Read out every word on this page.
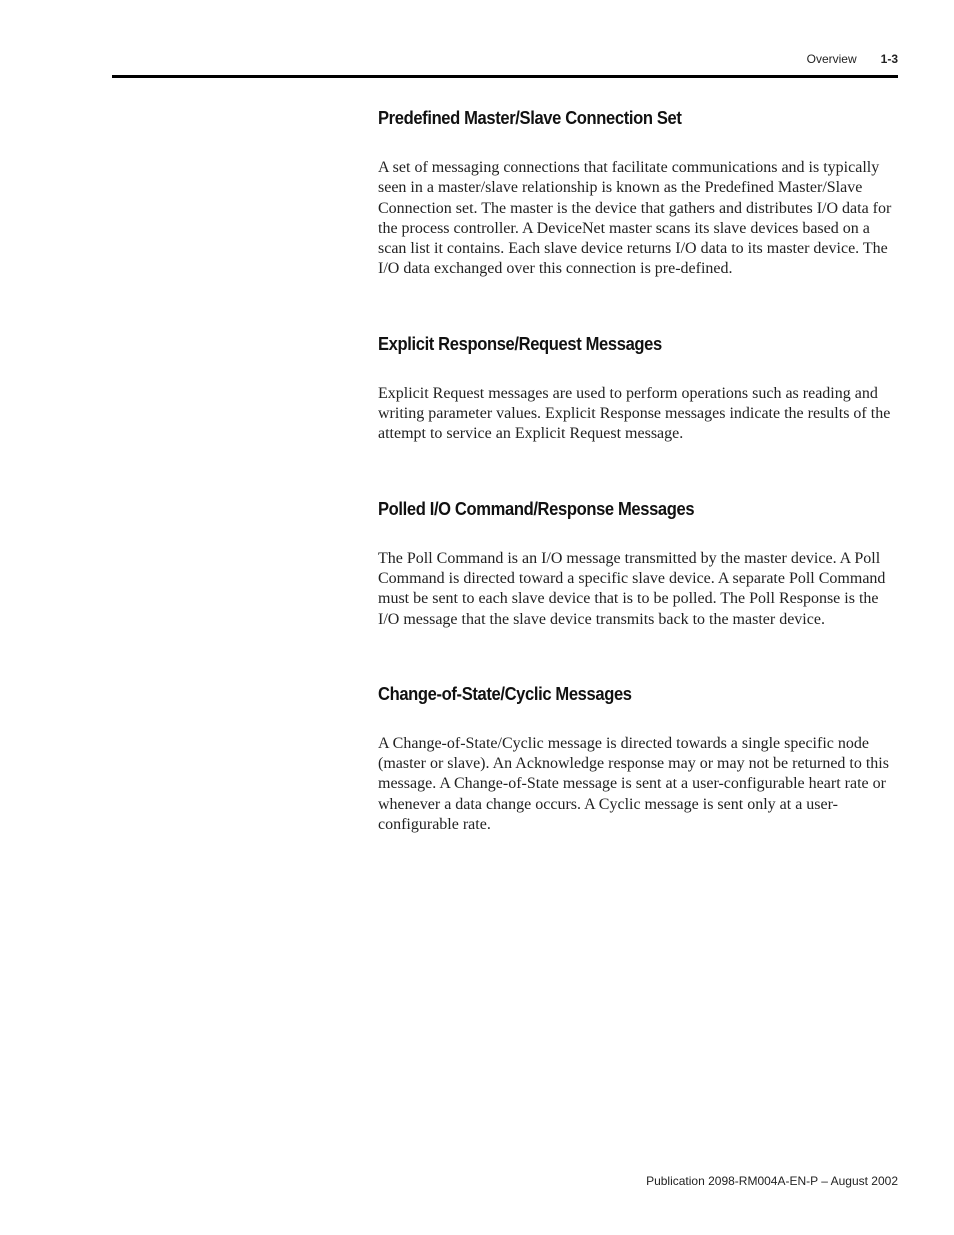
Overview 1-3
Predefined Master/Slave Connection Set

A set of messaging connections that facilitate communications and is typically seen in a master/slave relationship is known as the Predefined Master/Slave Connection set. The master is the device that gathers and distributes I/O data for the process controller. A DeviceNet master scans its slave devices based on a scan list it contains. Each slave device returns I/O data to its master device. The I/O data exchanged over this connection is pre-defined.

Explicit Response/Request Messages

Explicit Request messages are used to perform operations such as reading and writing parameter values. Explicit Response messages indicate the results of the attempt to service an Explicit Request message.

Polled I/O Command/Response Messages

The Poll Command is an I/O message transmitted by the master device. A Poll Command is directed toward a specific slave device. A separate Poll Command must be sent to each slave device that is to be polled. The Poll Response is the I/O message that the slave device transmits back to the master device.

Change-of-State/Cyclic Messages

A Change-of-State/Cyclic message is directed towards a single specific node (master or slave). An Acknowledge response may or may not be returned to this message. A Change-of-State message is sent at a user-configurable heart rate or whenever a data change occurs. A Cyclic message is sent only at a user-configurable rate.

Publication 2098-RM004A-EN-P – August 2002
